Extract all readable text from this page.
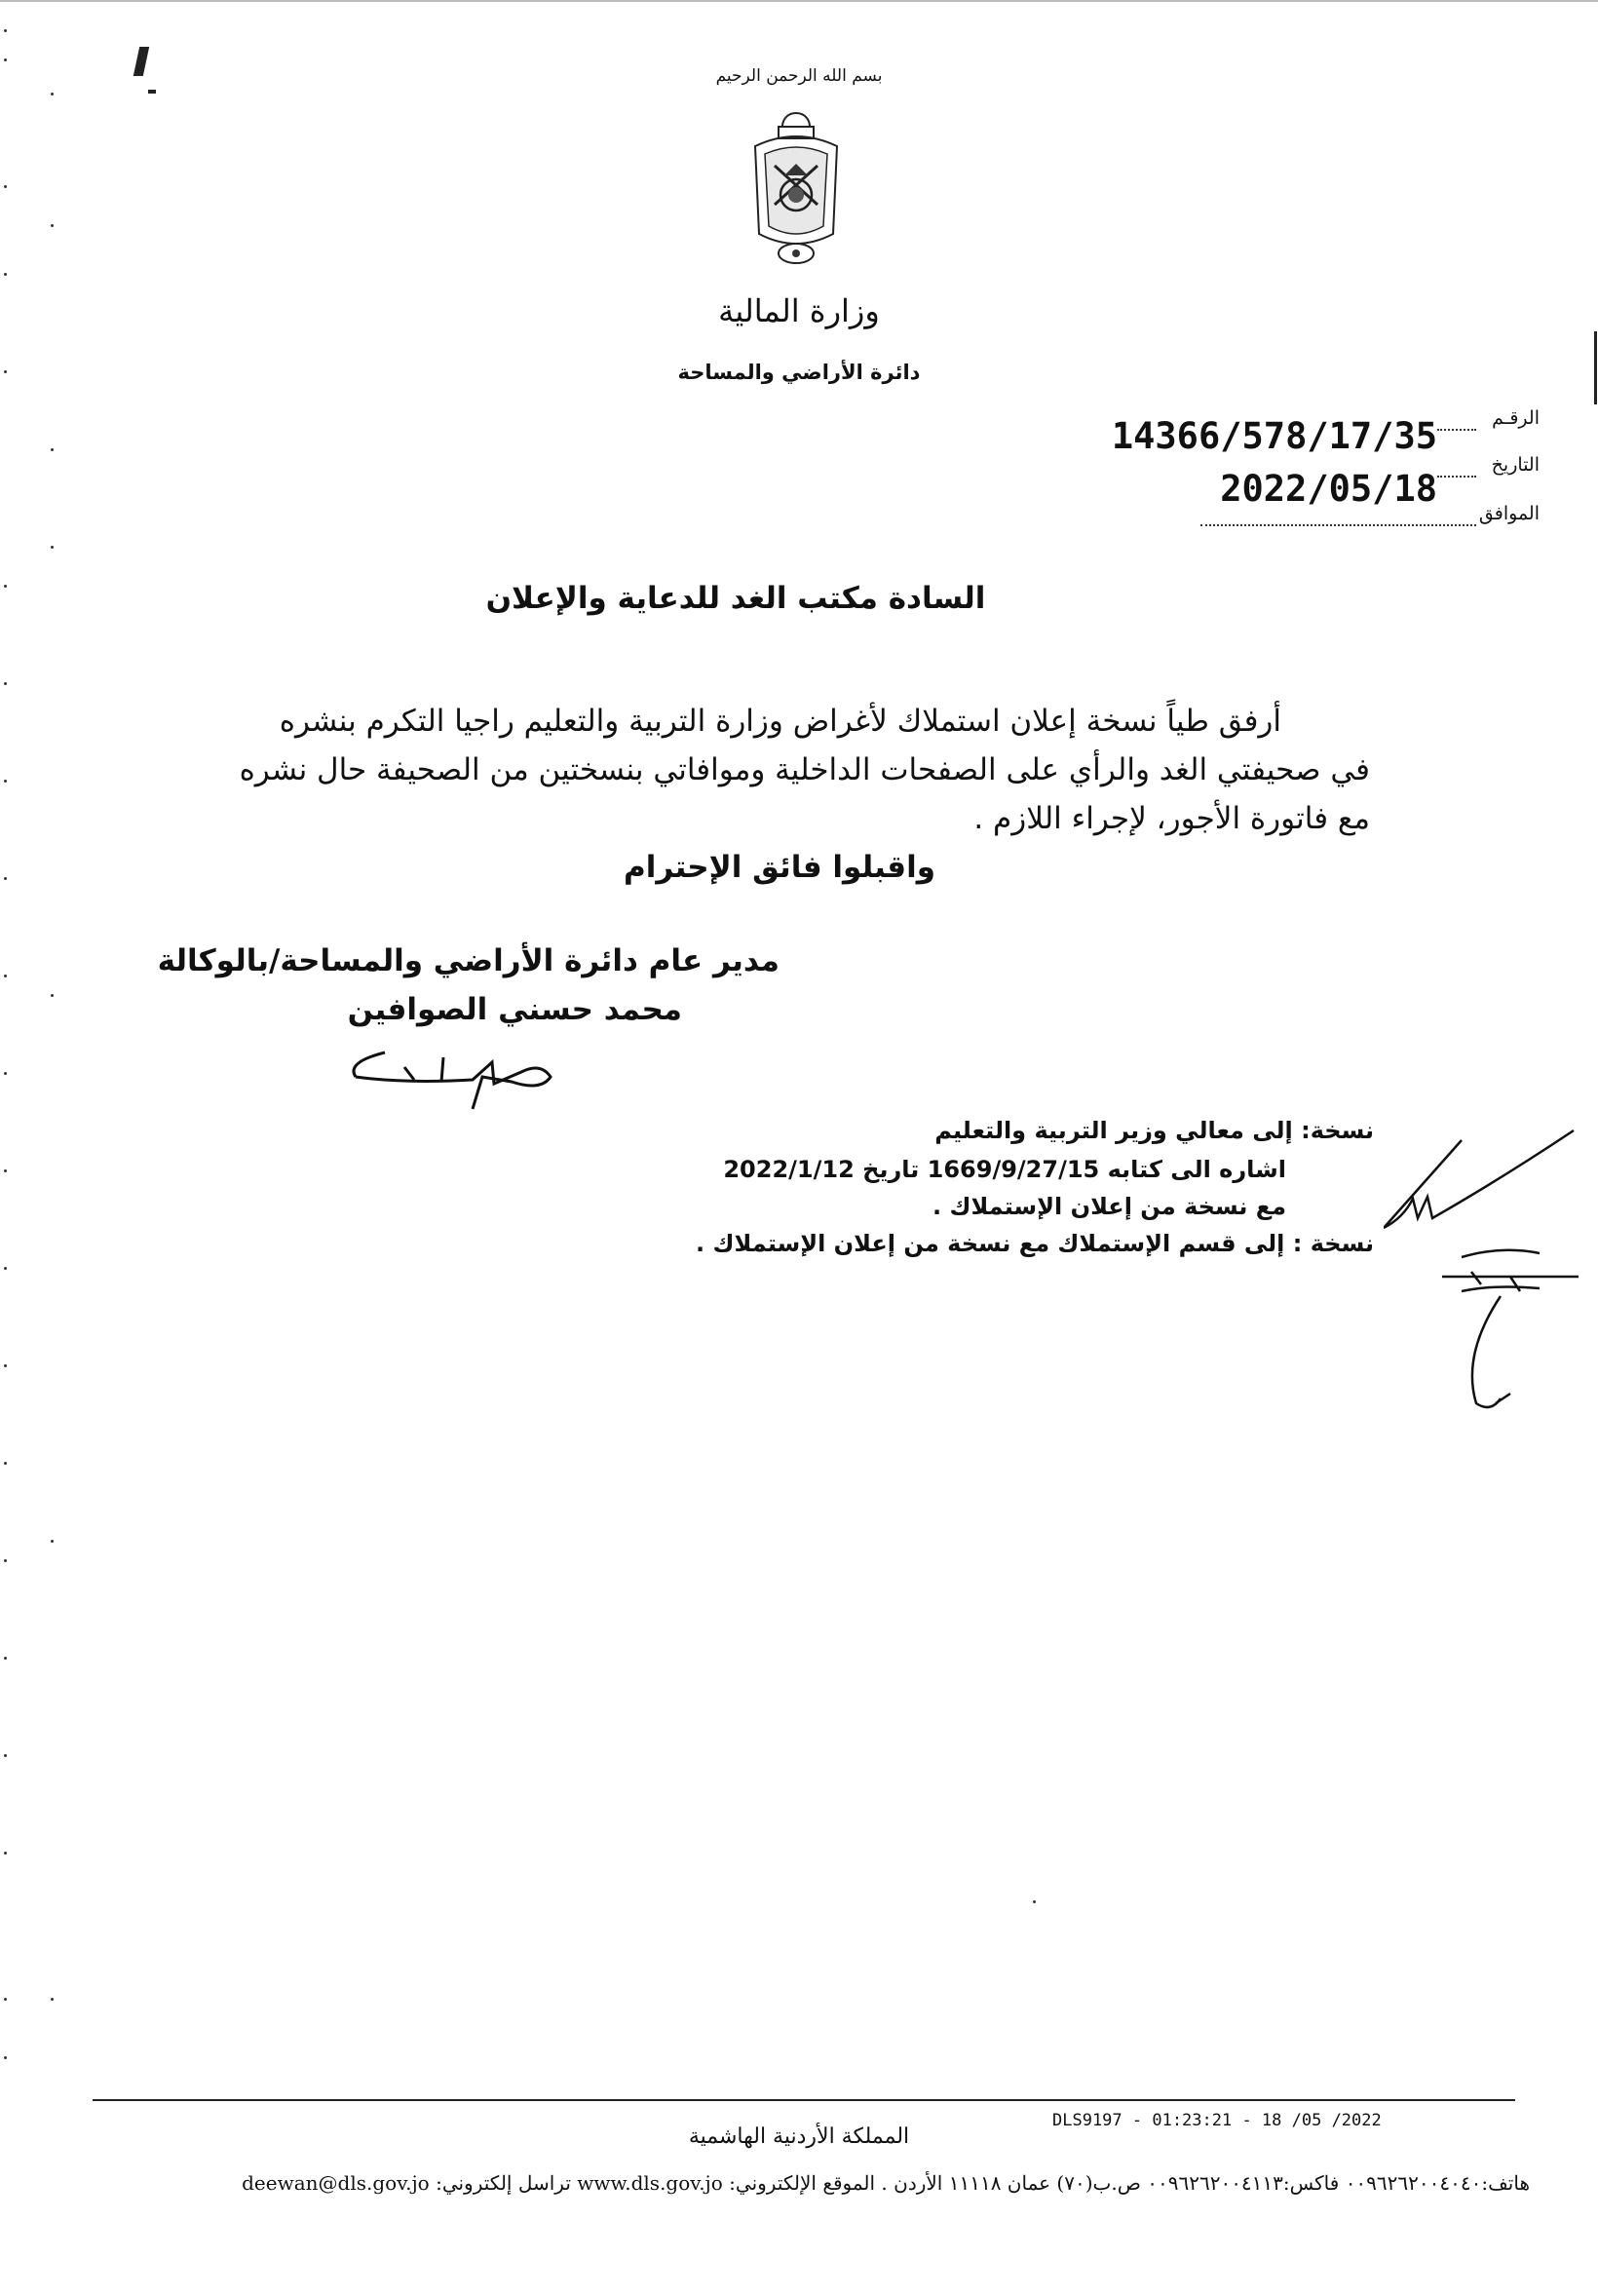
بسم الله الرحمن الرحيم
وزارة المالية
دائرة الأراضي والمساحة
الرقـم
14366/578/17/35
التاريخ
2022/05/18
الموافق
السادة مكتب الغد للدعاية والإعلان
أرفق طياً نسخة إعلان استملاك لأغراض وزارة التربية والتعليم راجيا التكرم بنشره
في صحيفتي الغد والرأي على الصفحات الداخلية وموافاتي بنسختين من الصحيفة حال نشره
مع فاتورة الأجور، لإجراء اللازم .
واقبلوا فائق الإحترام
مدير عام دائرة الأراضي والمساحة/بالوكالة
محمد حسني الصوافين
نسخة: إلى معالي وزير التربية والتعليم
اشاره الى كتابه 1669/9/27/15 تاريخ 2022/1/12
مع نسخة من إعلان الإستملاك .
نسخة : إلى قسم الإستملاك مع نسخة من إعلان الإستملاك .
DLS9197 - 01:23:21 - 18 /05 /2022
المملكة الأردنية الهاشمية
هاتف:٠٠٩٦٢٦٢٠٠٤٠٤٠ فاكس:٠٠٩٦٢٦٢٠٠٤١١٣ ص.ب(٧٠) عمان ١١١١٨ الأردن . الموقع الإلكتروني: www.dls.gov.jo تراسل إلكتروني: deewan@dls.gov.jo
